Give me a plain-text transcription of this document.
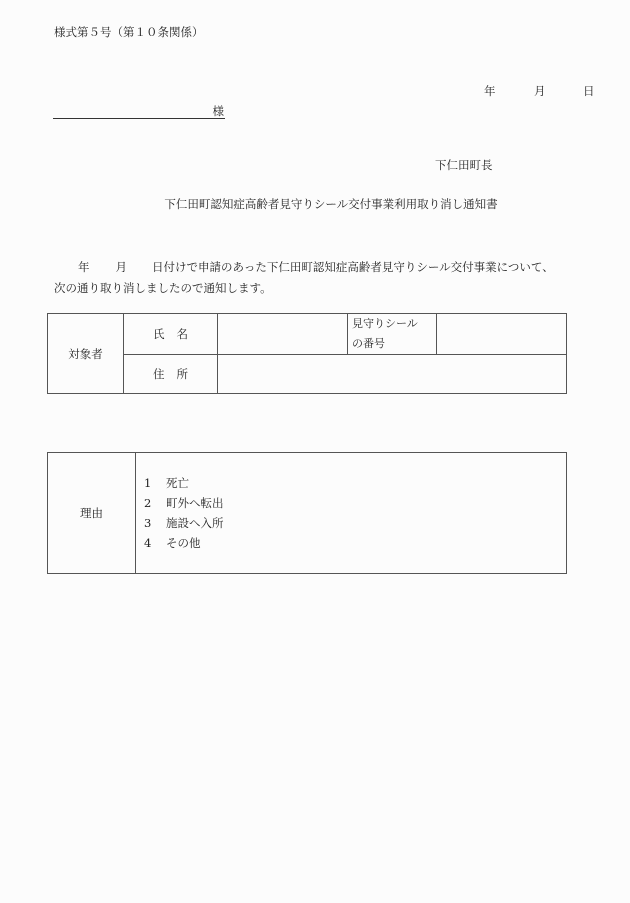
様式第５号（第１０条関係）
年	月	日
様
下仁田町長
下仁田町認知症高齢者見守りシール交付事業利用取り消し通知書
年 月 日付けで申請のあった下仁田町認知症高齢者見守りシール交付事業について、
次の通り取り消しましたので通知します。
対象者	氏 名		見守りシール
の番号	
	住 所			
理由	
1 死亡
2 町外へ転出
3 施設へ入所
4 その他
